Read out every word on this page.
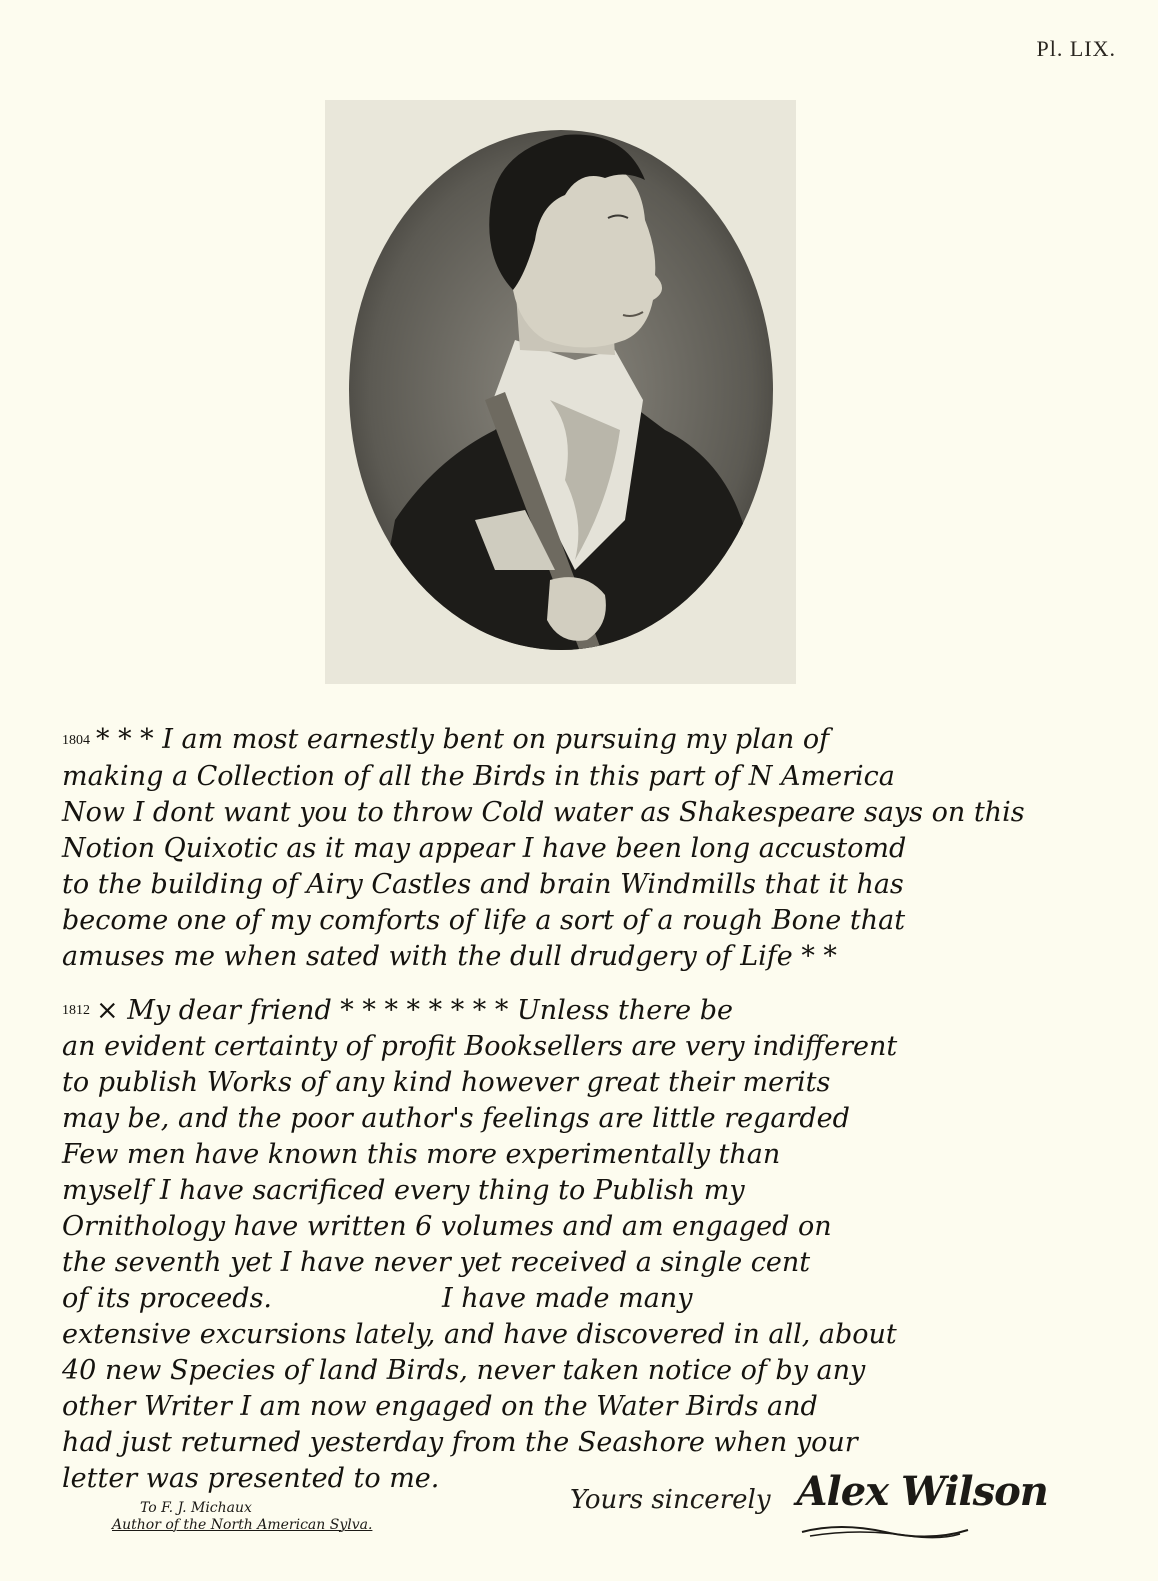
Pl. LIX.
1804 * * * I am most earnestly bent on pursuing my plan of
making a Collection of all the Birds in this part of N America
Now I dont want you to throw Cold water as Shakespeare says on this
Notion Quixotic as it may appear I have been long accustomd
to the building of Airy Castles and brain Windmills that it has
become one of my comforts of life a sort of a rough Bone that
amuses me when sated with the dull drudgery of Life * *
1812 × My dear friend * * * * * * * * Unless there be
an evident certainty of profit Booksellers are very indifferent
to publish Works of any kind however great their merits
may be, and the poor author's feelings are little regarded
Few men have known this more experimentally than
myself I have sacrificed every thing to Publish my
Ornithology have written 6 volumes and am engaged on
the seventh yet I have never yet received a single cent
of its proceeds.	I have made many
extensive excursions lately, and have discovered in all, about
40 new Species of land Birds, never taken notice of by any
other Writer I am now engaged on the Water Birds and
had just returned yesterday from the Seashore when your
letter was presented to me.
Yours sincerely Alex Wilson
To F. J. Michaux
Author of the North American Sylva.
